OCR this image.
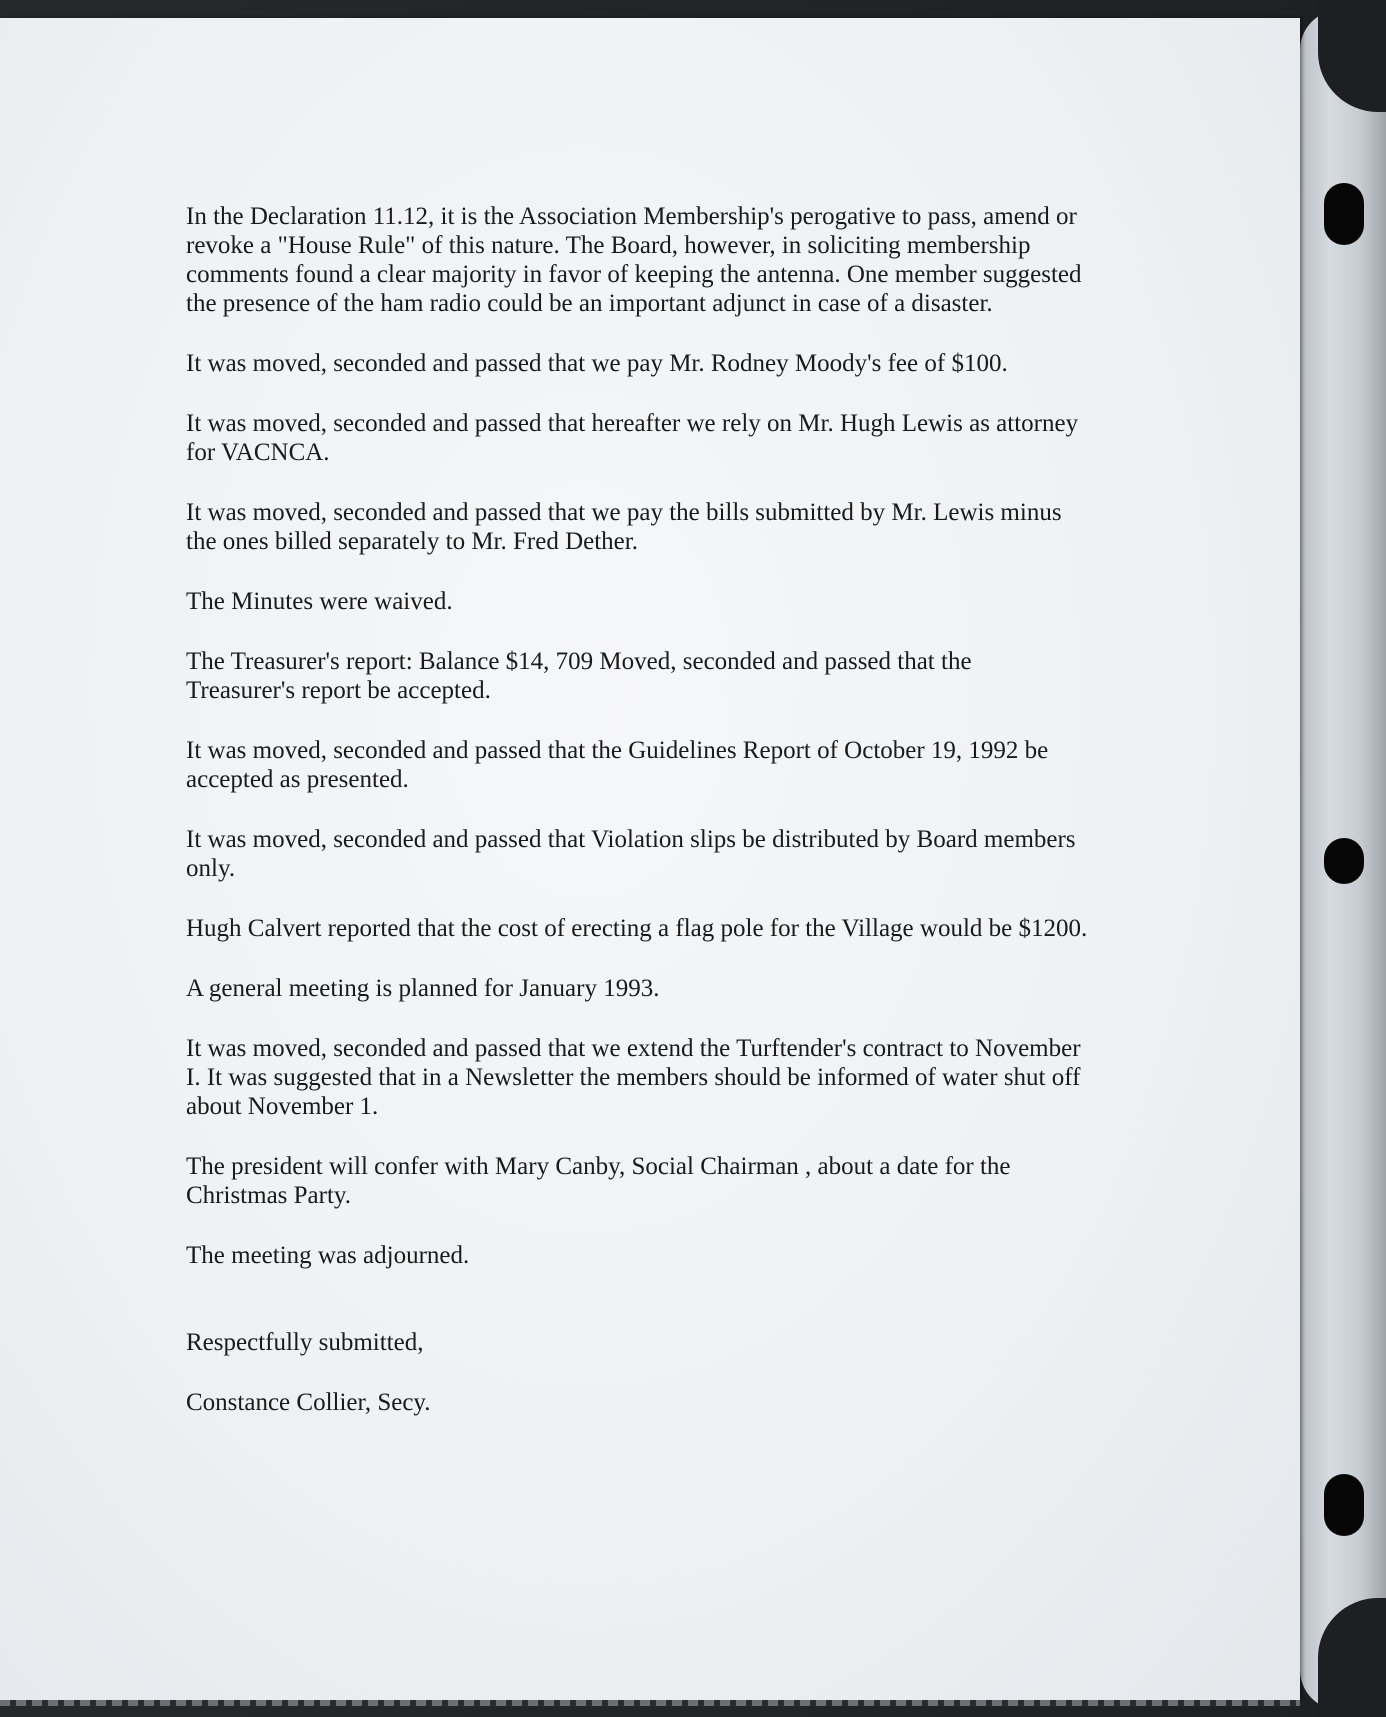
In the Declaration 11.12, it is the Association Membership's perogative to pass, amend or
revoke a "House Rule" of this nature. The Board, however, in soliciting membership
comments found a clear majority in favor of keeping the antenna. One member suggested
the presence of the ham radio could be an important adjunct in case of a disaster.

It was moved, seconded and passed that we pay Mr. Rodney Moody's fee of $100.

It was moved, seconded and passed that hereafter we rely on Mr. Hugh Lewis as attorney
for VACNCA.

It was moved, seconded and passed that we pay the bills submitted by Mr. Lewis minus
the ones billed separately to Mr. Fred Dether.

The Minutes were waived.

The Treasurer's report: Balance $14, 709 Moved, seconded and passed that the
Treasurer's report be accepted.

It was moved, seconded and passed that the Guidelines Report of October 19, 1992 be
accepted as presented.

It was moved, seconded and passed that Violation slips be distributed by Board members
only.

Hugh Calvert reported that the cost of erecting a flag pole for the Village would be $1200.

A general meeting is planned for January 1993.

It was moved, seconded and passed that we extend the Turftender's contract to November
I. It was suggested that in a Newsletter the members should be informed of water shut off
about November 1.

The president will confer with Mary Canby, Social Chairman , about a date for the
Christmas Party.

The meeting was adjourned.

Respectfully submitted,

Constance Collier, Secy.
